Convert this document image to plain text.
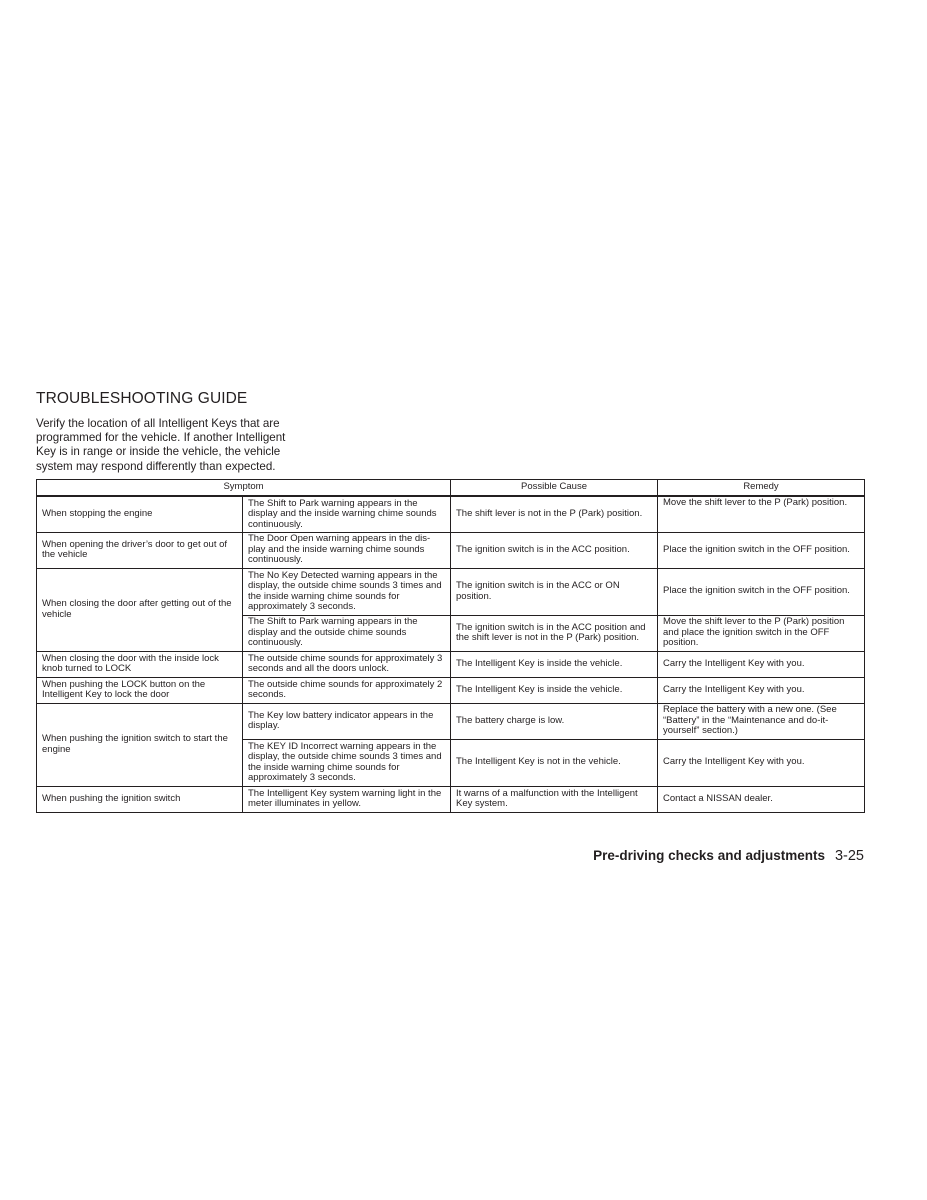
TROUBLESHOOTING GUIDE

Verify the location of all Intelligent Keys that are programmed for the vehicle. If another Intelligent Key is in range or inside the vehicle, the vehicle system may respond differently than expected.

Symptom		Possible Cause	Remedy
When stopping the engine	The Shift to Park warning appears in the display and the inside warning chime sounds continuously.	The shift lever is not in the P (Park) position.	Move the shift lever to the P (Park) position.
When opening the driver’s door to get out of the vehicle	The Door Open warning appears in the dis-play and the inside warning chime sounds continuously.	The ignition switch is in the ACC position.	Place the ignition switch in the OFF position.
When closing the door after getting out of the vehicle	The No Key Detected warning appears in the display, the outside chime sounds 3 times and the inside warning chime sounds for approximately 3 seconds.	The ignition switch is in the ACC or ON position.	Place the ignition switch in the OFF position.
	The Shift to Park warning appears in the display and the outside chime sounds continuously.	The ignition switch is in the ACC position and the shift lever is not in the P (Park) position.	Move the shift lever to the P (Park) position and place the ignition switch in the OFF position.
When closing the door with the inside lock knob turned to LOCK	The outside chime sounds for approximately 3 seconds and all the doors unlock.	The Intelligent Key is inside the vehicle.	Carry the Intelligent Key with you.
When pushing the LOCK button on the Intelligent Key to lock the door	The outside chime sounds for approximately 2 seconds.	The Intelligent Key is inside the vehicle.	Carry the Intelligent Key with you.
When pushing the ignition switch to start the engine	The Key low battery indicator appears in the display.	The battery charge is low.	Replace the battery with a new one. (See “Battery” in the “Maintenance and do-it-yourself” section.)
	The KEY ID Incorrect warning appears in the display, the outside chime sounds 3 times and the inside warning chime sounds for approximately 3 seconds.	The Intelligent Key is not in the vehicle.	Carry the Intelligent Key with you.
When pushing the ignition switch	The Intelligent Key system warning light in the meter illuminates in yellow.	It warns of a malfunction with the Intelligent Key system.	Contact a NISSAN dealer.
Pre-driving checks and adjustments 3-25
